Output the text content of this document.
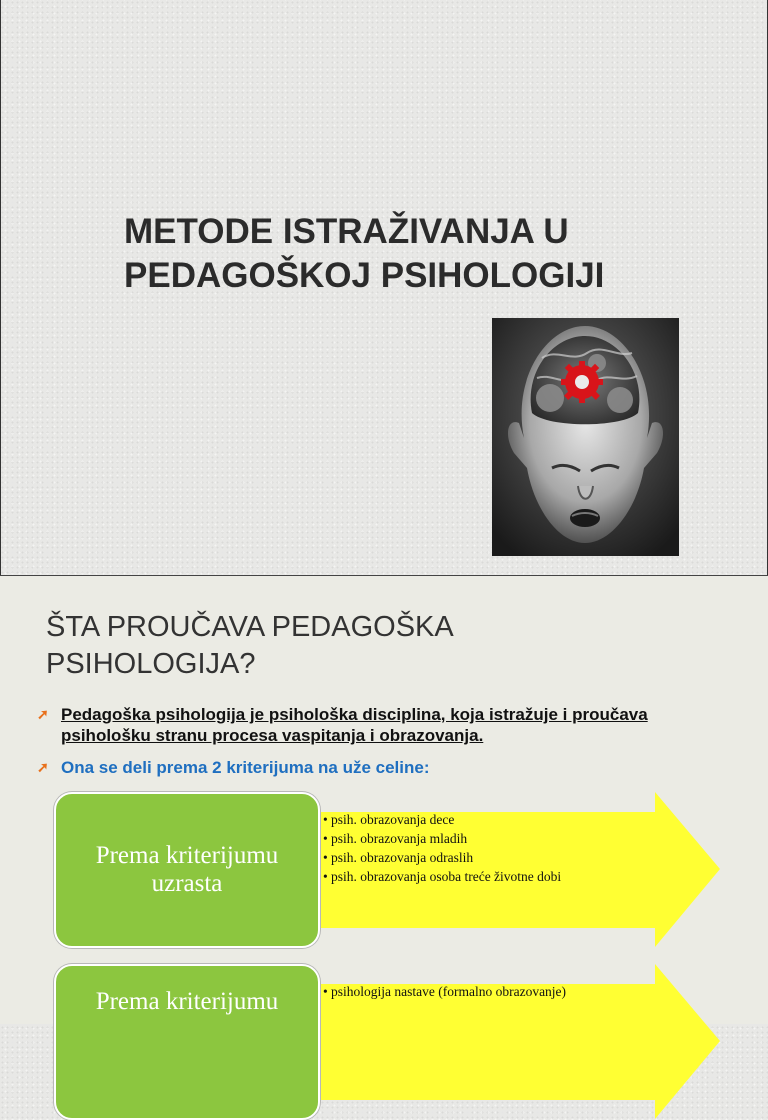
METODE ISTRAŽIVANJA U
PEDAGOŠKOJ PSIHOLOGIJI
ŠTA PROUČAVA PEDAGOŠKA
PSIHOLOGIJA?
➚ Pedagoška psihologija je psihološka disciplina, koja istražuje i proučava psihološku stranu procesa vaspitanja i obrazovanja.
➚ Ona se deli prema 2 kriterijuma na uže celine:
Prema kriterijumu uzrasta
• psih. obrazovanja dece
• psih. obrazovanja mladih
• psih. obrazovanja odraslih
• psih. obrazovanja osoba treće životne dobi
Prema kriterijumu	• psihologija nastave (formalno obrazovanje)
